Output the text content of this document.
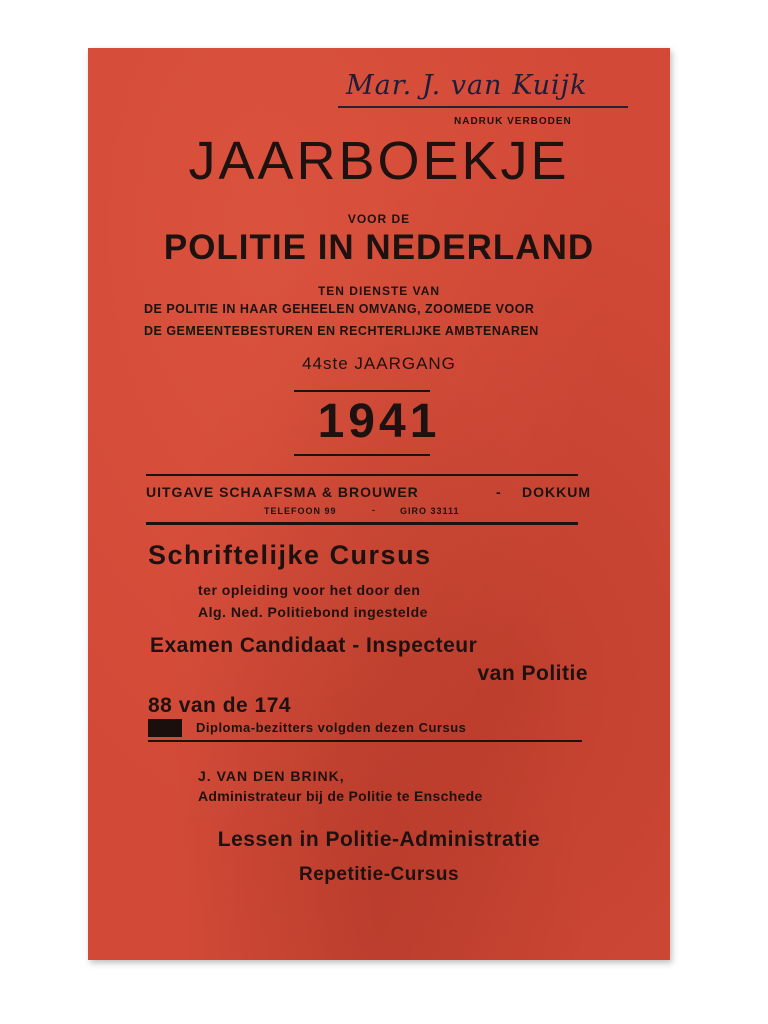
Mar. J. van Kuijk

NADRUK VERBODEN

JAARBOEKJE

VOOR DE

POLITIE IN NEDERLAND

TEN DIENSTE VAN

DE POLITIE IN HAAR GEHEELEN OMVANG, ZOOMEDE VOOR

DE GEMEENTEBESTUREN EN RECHTERLIJKE AMBTENAREN

44ste JAARGANG

1941

UITGAVE SCHAAFSMA & BROUWER	- DOKKUM

TELEFOON 99	-	GIRO 33111

Schriftelijke Cursus

ter opleiding voor het door den

Alg. Ned. Politiebond ingestelde

Examen Candidaat - Inspecteur

van Politie

88 van de 174

Diploma-bezitters volgden dezen Cursus

J. VAN DEN BRINK,

Administrateur bij de Politie te Enschede

Lessen in Politie-Administratie

Repetitie-Cursus
